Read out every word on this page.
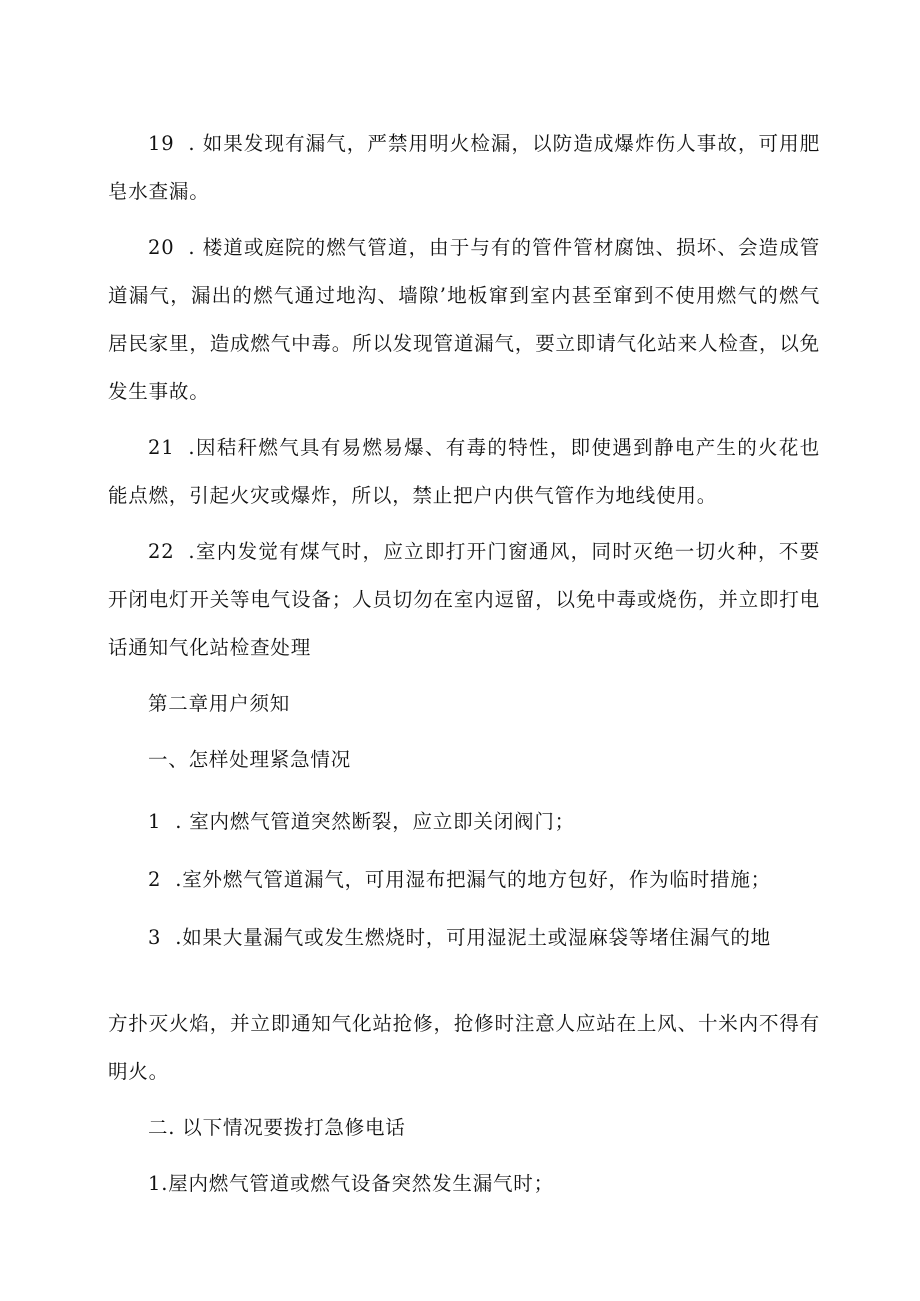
19 . 如果发现有漏气，严禁用明火检漏，以防造成爆炸伤人事故，可用肥皂水查漏。

20 . 楼道或庭院的燃气管道，由于与有的管件管材腐蚀、损坏、会造成管道漏气，漏出的燃气通过地沟、墙隙’地板窜到室内甚至窜到不使用燃气的燃气居民家里，造成燃气中毒。所以发现管道漏气，要立即请气化站来人检查，以免发生事故。

21 .因秸秆燃气具有易燃易爆、有毒的特性，即使遇到静电产生的火花也能点燃，引起火灾或爆炸，所以，禁止把户内供气管作为地线使用。

22 .室内发觉有煤气时，应立即打开门窗通风，同时灭绝一切火种，不要开闭电灯开关等电气设备；人员切勿在室内逗留，以免中毒或烧伤，并立即打电话通知气化站检查处理

第二章用户须知

一、怎样处理紧急情况

1 . 室内燃气管道突然断裂，应立即关闭阀门；

2 .室外燃气管道漏气，可用湿布把漏气的地方包好，作为临时措施；

3 .如果大量漏气或发生燃烧时，可用湿泥土或湿麻袋等堵住漏气的地

方扑灭火焰，并立即通知气化站抢修，抢修时注意人应站在上风、十米内不得有明火。

二. 以下情况要拨打急修电话

1.屋内燃气管道或燃气设备突然发生漏气时；
